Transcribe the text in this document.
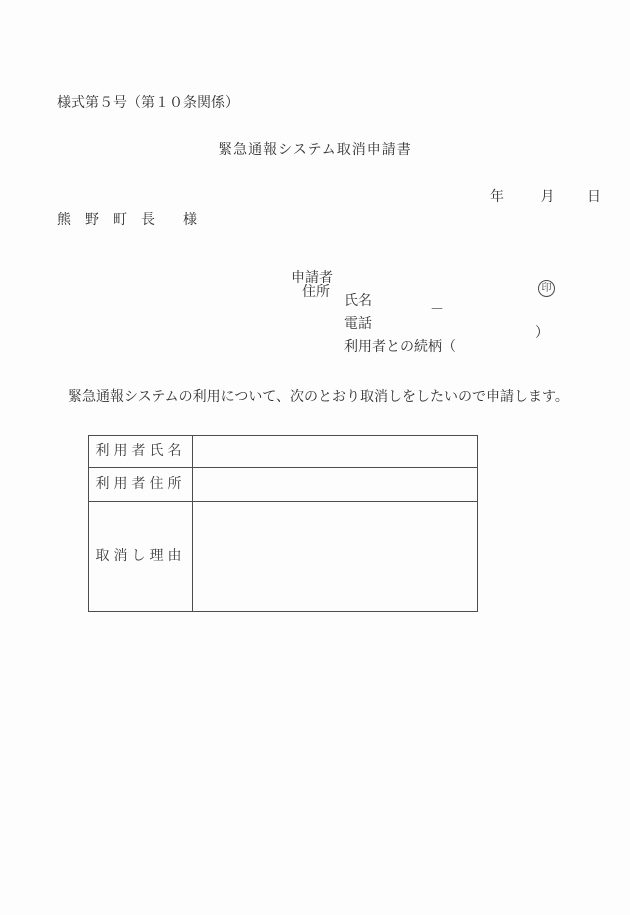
様式第５号（第１０条関係）
緊急通報システム取消申請書
年	月 日
熊　野　町　長　　様

申請者
住所

氏名

印

電話

－

利用者との続柄（

）

緊急通報システムの利用について、次のとおり取消しをしたいので申請します。
利用者氏名	
利用者住所	
取消し理由	
